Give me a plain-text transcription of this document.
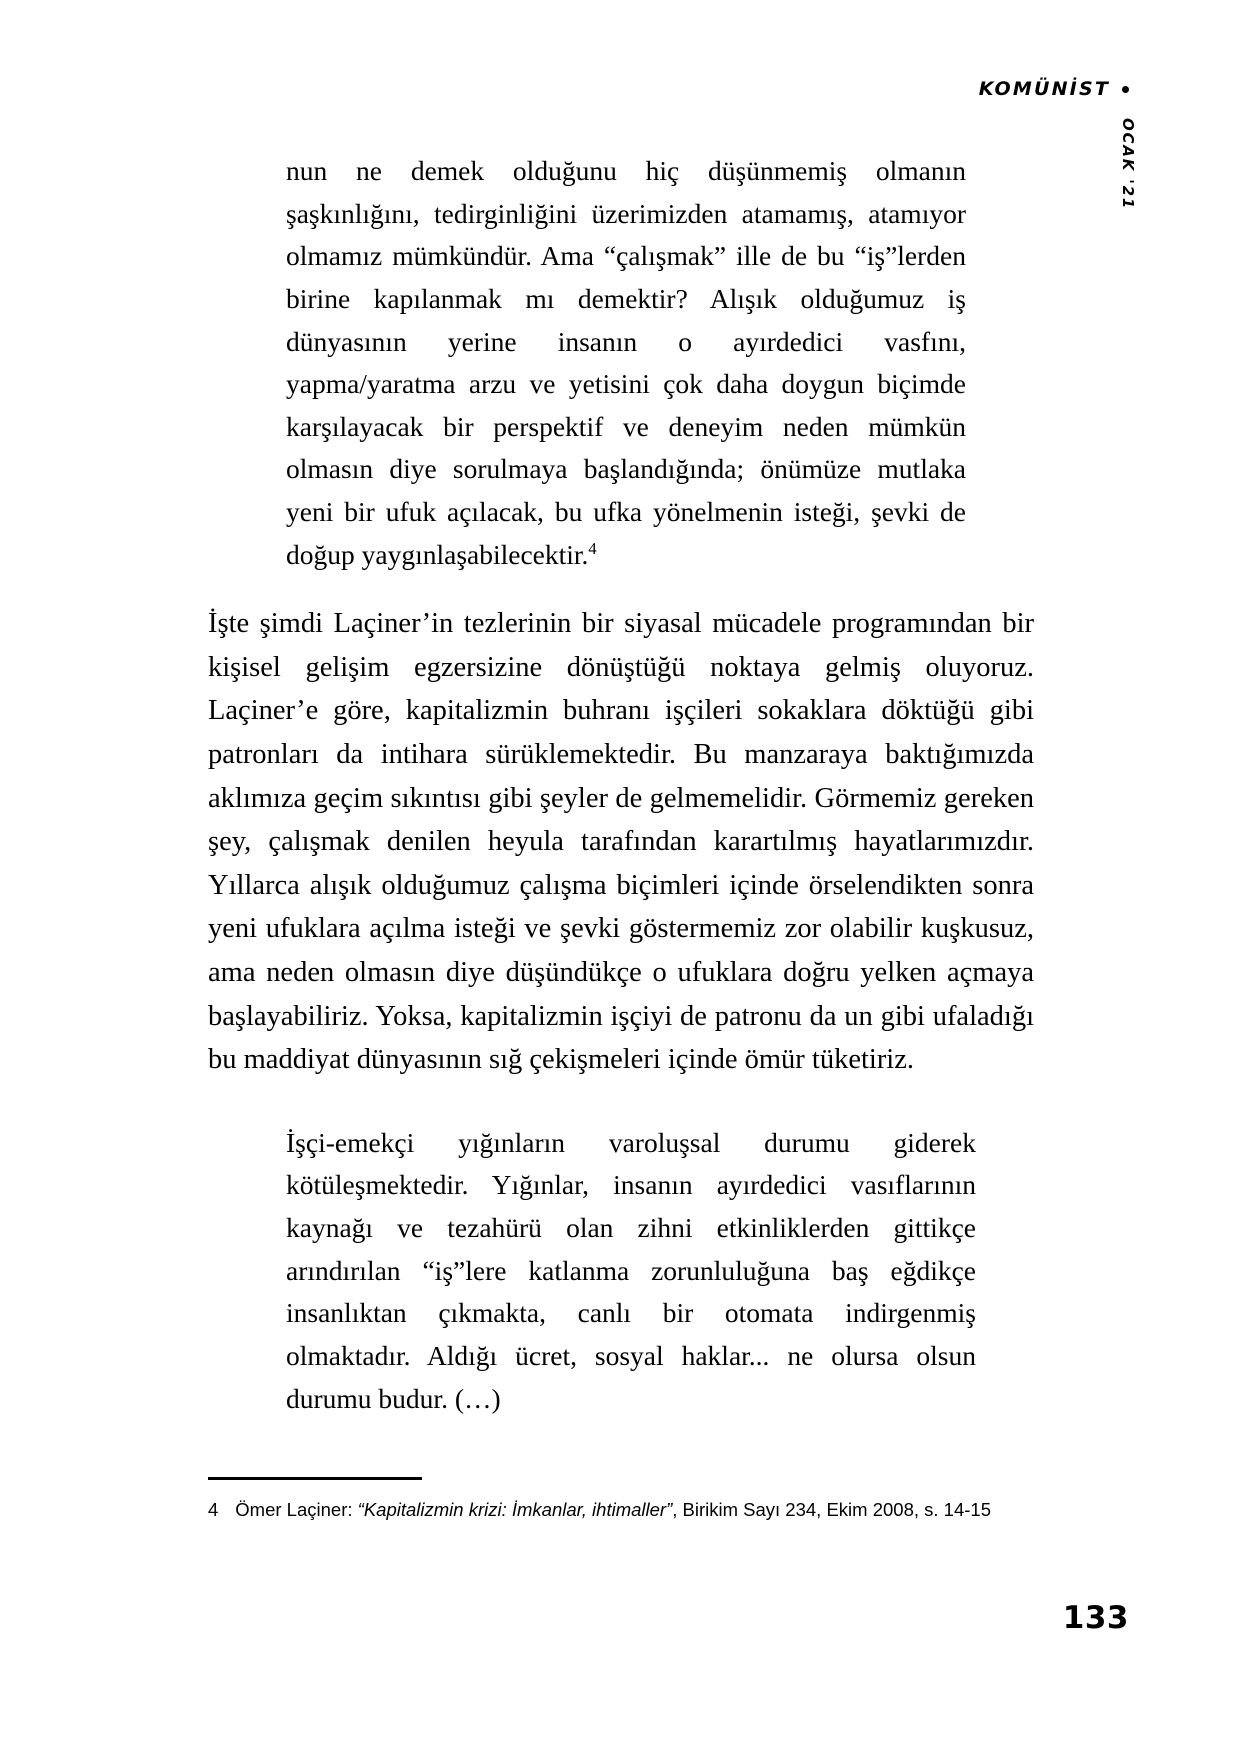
KOMÜNİST
OCAK '21

nun ne demek olduğunu hiç düşünmemiş olmanın şaşkınlığını, tedirginliğini üzerimizden atamamış, atamıyor olmamız mümkündür. Ama “çalışmak” ille de bu “iş”lerden birine kapılanmak mı demektir? Alışık olduğumuz iş dünyasının yerine insanın o ayırdedici vasfını, yapma/yaratma arzu ve yetisini çok daha doygun biçimde karşılayacak bir perspektif ve deneyim neden mümkün olmasın diye sorulmaya başlandığında; önümüze mutlaka yeni bir ufuk açılacak, bu ufka yönelmenin isteği, şevki de doğup yaygınlaşabilecektir.$^4$

İşte şimdi Laçiner’in tezlerinin bir siyasal mücadele programından bir kişisel gelişim egzersizine dönüştüğü noktaya gelmiş oluyoruz. Laçiner’e göre, kapitalizmin buhranı işçileri sokaklara döktüğü gibi patronları da intihara sürüklemektedir. Bu manzaraya baktığımızda aklımıza geçim sıkıntısı gibi şeyler de gelmemelidir. Görmemiz gereken şey, çalışmak denilen heyula tarafından karartılmış hayatlarımızdır. Yıllarca alışık olduğumuz çalışma biçimleri içinde örselendikten sonra yeni ufuklara açılma isteği ve şevki göstermemiz zor olabilir kuşkusuz, ama neden olmasın diye düşündükçe o ufuklara doğru yelken açmaya başlayabiliriz. Yoksa, kapitalizmin işçiyi de patronu da un gibi ufaladığı bu maddiyat dünyasının sığ çekişmeleri içinde ömür tüketiriz.

İşçi-emekçi yığınların varoluşsal durumu giderek kötüleşmektedir. Yığınlar, insanın ayırdedici vasıflarının kaynağı ve tezahürü olan zihni etkinliklerden gittikçe arındırılan “iş”lere katlanma zorunluluğuna baş eğdikçe insanlıktan çıkmakta, canlı bir otomata indirgenmiş olmaktadır. Aldığı ücret, sosyal haklar... ne olursa olsun durumu budur. (…)

4 Ömer Laçiner: “Kapitalizmin krizi: İmkanlar, ihtimaller”, Birikim Sayı 234, Ekim 2008, s. 14-15
133
